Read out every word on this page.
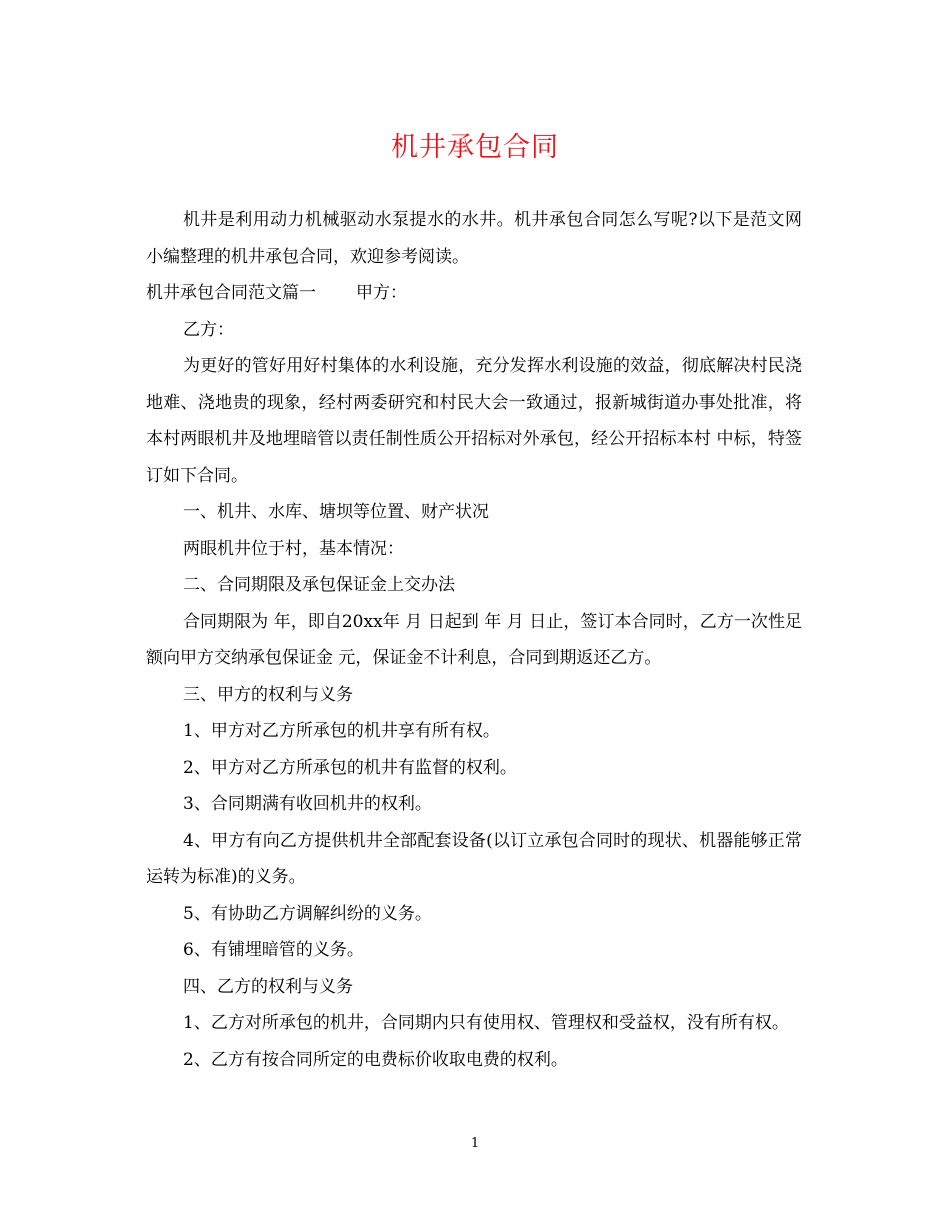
机井承包合同

机井是利用动力机械驱动水泵提水的水井。机井承包合同怎么写呢?以下是范文网小编整理的机井承包合同，欢迎参考阅读。

机井承包合同范文篇一 甲方：

乙方：

为更好的管好用好村集体的水利设施，充分发挥水利设施的效益，彻底解决村民浇地难、浇地贵的现象，经村两委研究和村民大会一致通过，报新城街道办事处批准，将本村两眼机井及地埋暗管以责任制性质公开招标对外承包，经公开招标本村 中标，特签订如下合同。

一、机井、水库、塘坝等位置、财产状况

两眼机井位于村，基本情况：

二、合同期限及承包保证金上交办法

合同期限为 年，即自20xx年 月 日起到 年 月 日止，签订本合同时，乙方一次性足额向甲方交纳承包保证金 元，保证金不计利息，合同到期返还乙方。

三、甲方的权利与义务

1、甲方对乙方所承包的机井享有所有权。

2、甲方对乙方所承包的机井有监督的权利。

3、合同期满有收回机井的权利。

4、甲方有向乙方提供机井全部配套设备(以订立承包合同时的现状、机器能够正常运转为标准)的义务。

5、有协助乙方调解纠纷的义务。

6、有铺埋暗管的义务。

四、乙方的权利与义务

1、乙方对所承包的机井，合同期内只有使用权、管理权和受益权，没有所有权。

2、乙方有按合同所定的电费标价收取电费的权利。

1
